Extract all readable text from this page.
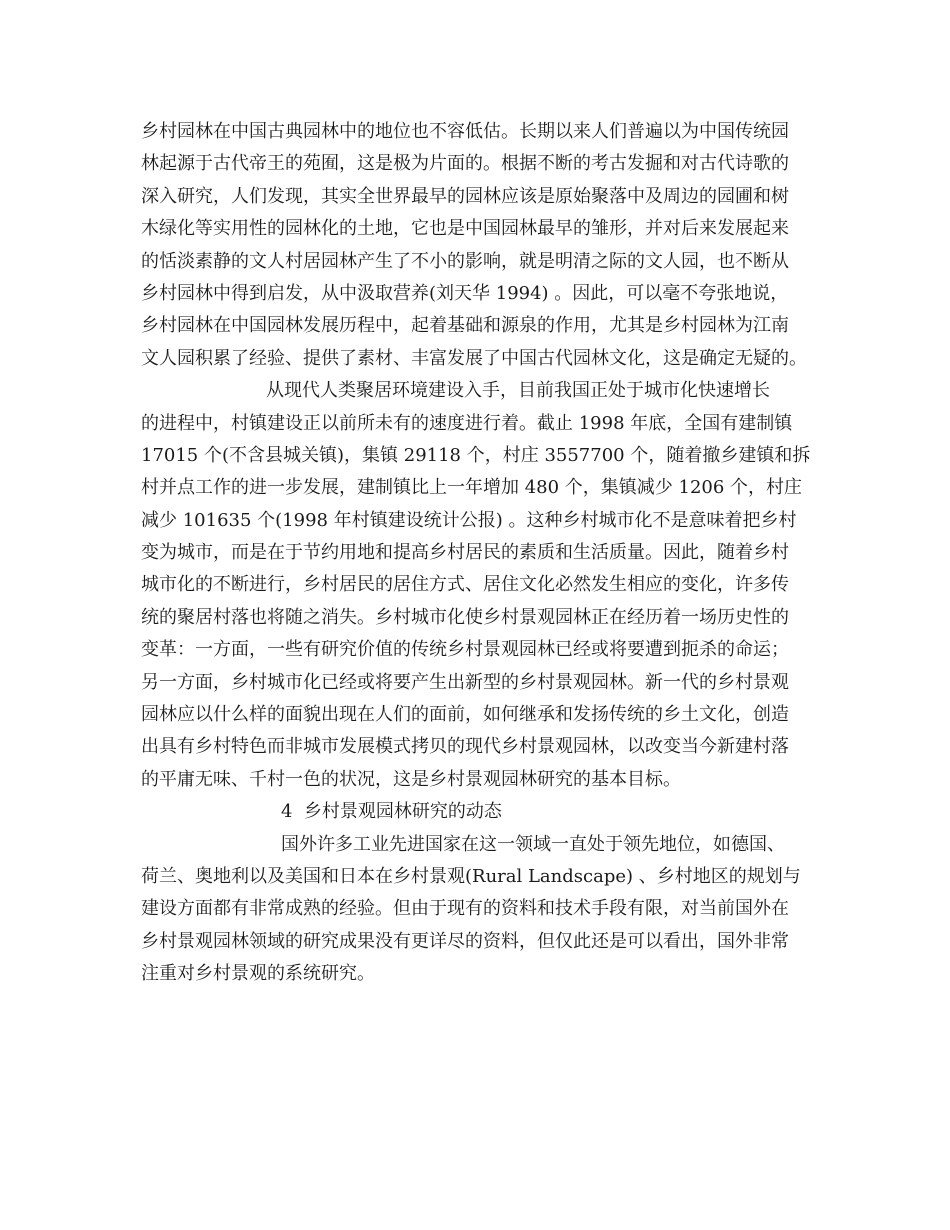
乡村园林在中国古典园林中的地位也不容低估。长期以来人们普遍以为中国传统园
林起源于古代帝王的苑囿，这是极为片面的。根据不断的考古发掘和对古代诗歌的
深入研究，人们发现，其实全世界最早的园林应该是原始聚落中及周边的园圃和树
木绿化等实用性的园林化的土地，它也是中国园林最早的雏形，并对后来发展起来
的恬淡素静的文人村居园林产生了不小的影响，就是明清之际的文人园，也不断从
乡村园林中得到启发，从中汲取营养(刘天华 1994) 。因此，可以毫不夸张地说，
乡村园林在中国园林发展历程中，起着基础和源泉的作用，尤其是乡村园林为江南
文人园积累了经验、提供了素材、丰富发展了中国古代园林文化，这是确定无疑的。
从现代人类聚居环境建设入手，目前我国正处于城市化快速增长
的进程中，村镇建设正以前所未有的速度进行着。截止 1998 年底，全国有建制镇
17015 个(不含县城关镇)，集镇 29118 个，村庄 3557700 个，随着撤乡建镇和拆
村并点工作的进一步发展，建制镇比上一年增加 480 个，集镇减少 1206 个，村庄
减少 101635 个(1998 年村镇建设统计公报) 。这种乡村城市化不是意味着把乡村
变为城市，而是在于节约用地和提高乡村居民的素质和生活质量。因此，随着乡村
城市化的不断进行，乡村居民的居住方式、居住文化必然发生相应的变化，许多传
统的聚居村落也将随之消失。乡村城市化使乡村景观园林正在经历着一场历史性的
变革：一方面，一些有研究价值的传统乡村景观园林已经或将要遭到扼杀的命运；
另一方面，乡村城市化已经或将要产生出新型的乡村景观园林。新一代的乡村景观
园林应以什么样的面貌出现在人们的面前，如何继承和发扬传统的乡土文化，创造
出具有乡村特色而非城市发展模式拷贝的现代乡村景观园林，以改变当今新建村落
的平庸无味、千村一色的状况，这是乡村景观园林研究的基本目标。
4  乡村景观园林研究的动态
国外许多工业先进国家在这一领域一直处于领先地位，如德国、
荷兰、奥地利以及美国和日本在乡村景观(Rural Landscape) 、乡村地区的规划与
建设方面都有非常成熟的经验。但由于现有的资料和技术手段有限，对当前国外在
乡村景观园林领域的研究成果没有更详尽的资料，但仅此还是可以看出，国外非常
注重对乡村景观的系统研究。
